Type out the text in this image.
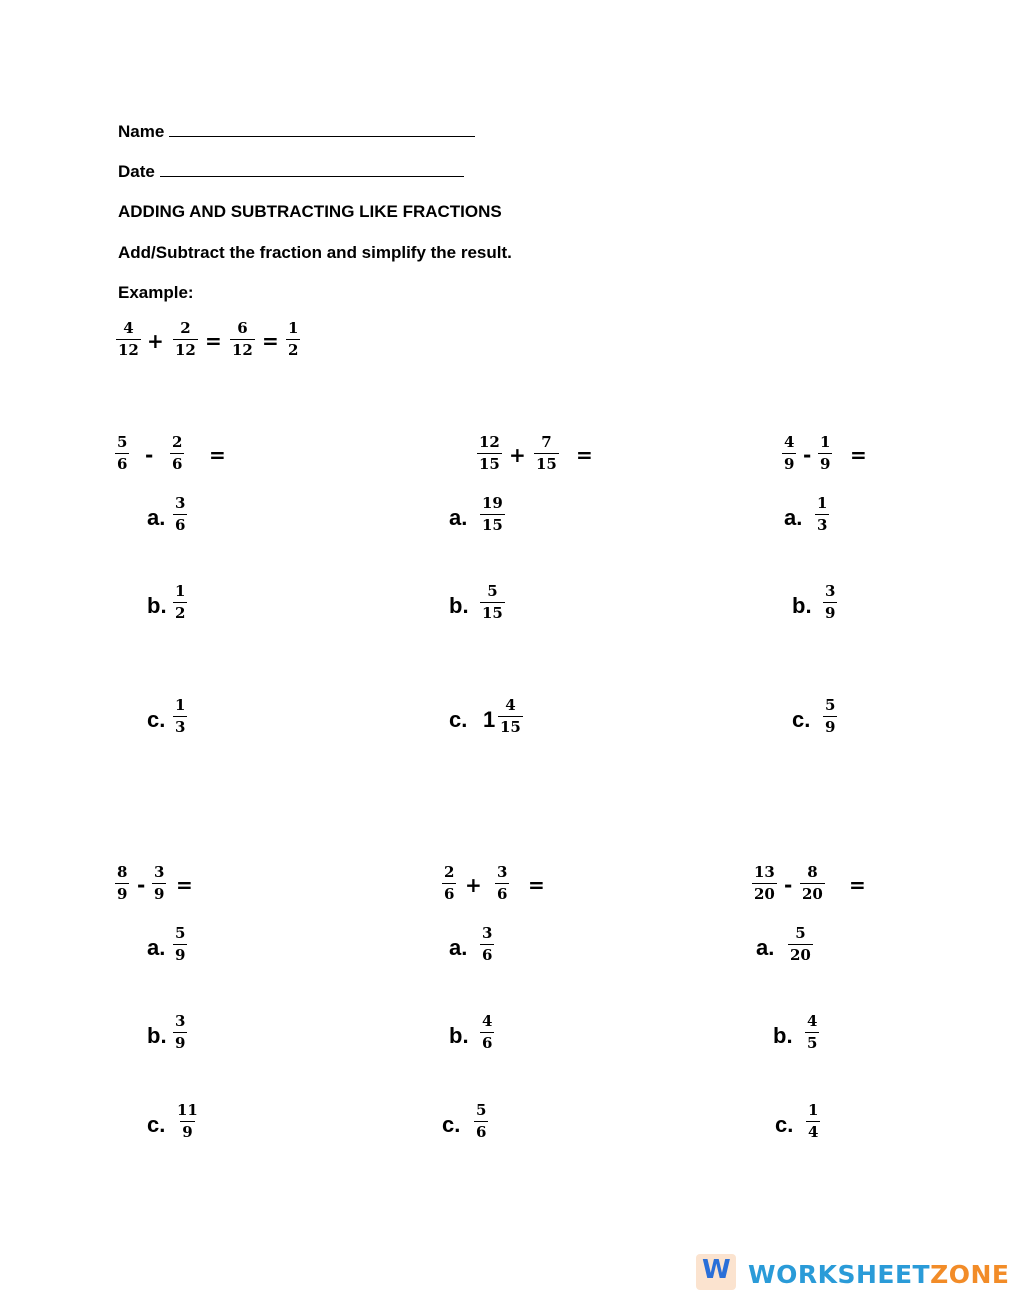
Name
Date
ADDING AND SUBTRACTING LIKE FRACTIONS
Add/Subtract the fraction and simplify the result.
Example:
$\frac{4}{12} + \frac{2}{12} = \frac{6}{12} = \frac{1}{2}$
$\frac{5}{6} - \frac{2}{6}$ =
a. $\frac{3}{6}$
b. $\frac{1}{2}$
c. $\frac{1}{3}$
$\frac{12}{15} + \frac{7}{15}$ =
a. $\frac{19}{15}$
b. $\frac{5}{15}$
c. $1 \frac{4}{15}$
$\frac{4}{9} - \frac{1}{9}$ =
a. $\frac{1}{3}$
b. $\frac{3}{9}$
c. $\frac{5}{9}$
$\frac{8}{9} - \frac{3}{9}$ =
a. $\frac{5}{9}$
b. $\frac{3}{9}$
c. $\frac{11}{9}$
$\frac{2}{6} + \frac{3}{6}$ =
a. $\frac{3}{6}$
b. $\frac{4}{6}$
c. $\frac{5}{6}$
$\frac{13}{20} - \frac{8}{20}$ =
a. $\frac{5}{20}$
b. $\frac{4}{5}$
c. $\frac{1}{4}$
W WORKSHEETZONE
